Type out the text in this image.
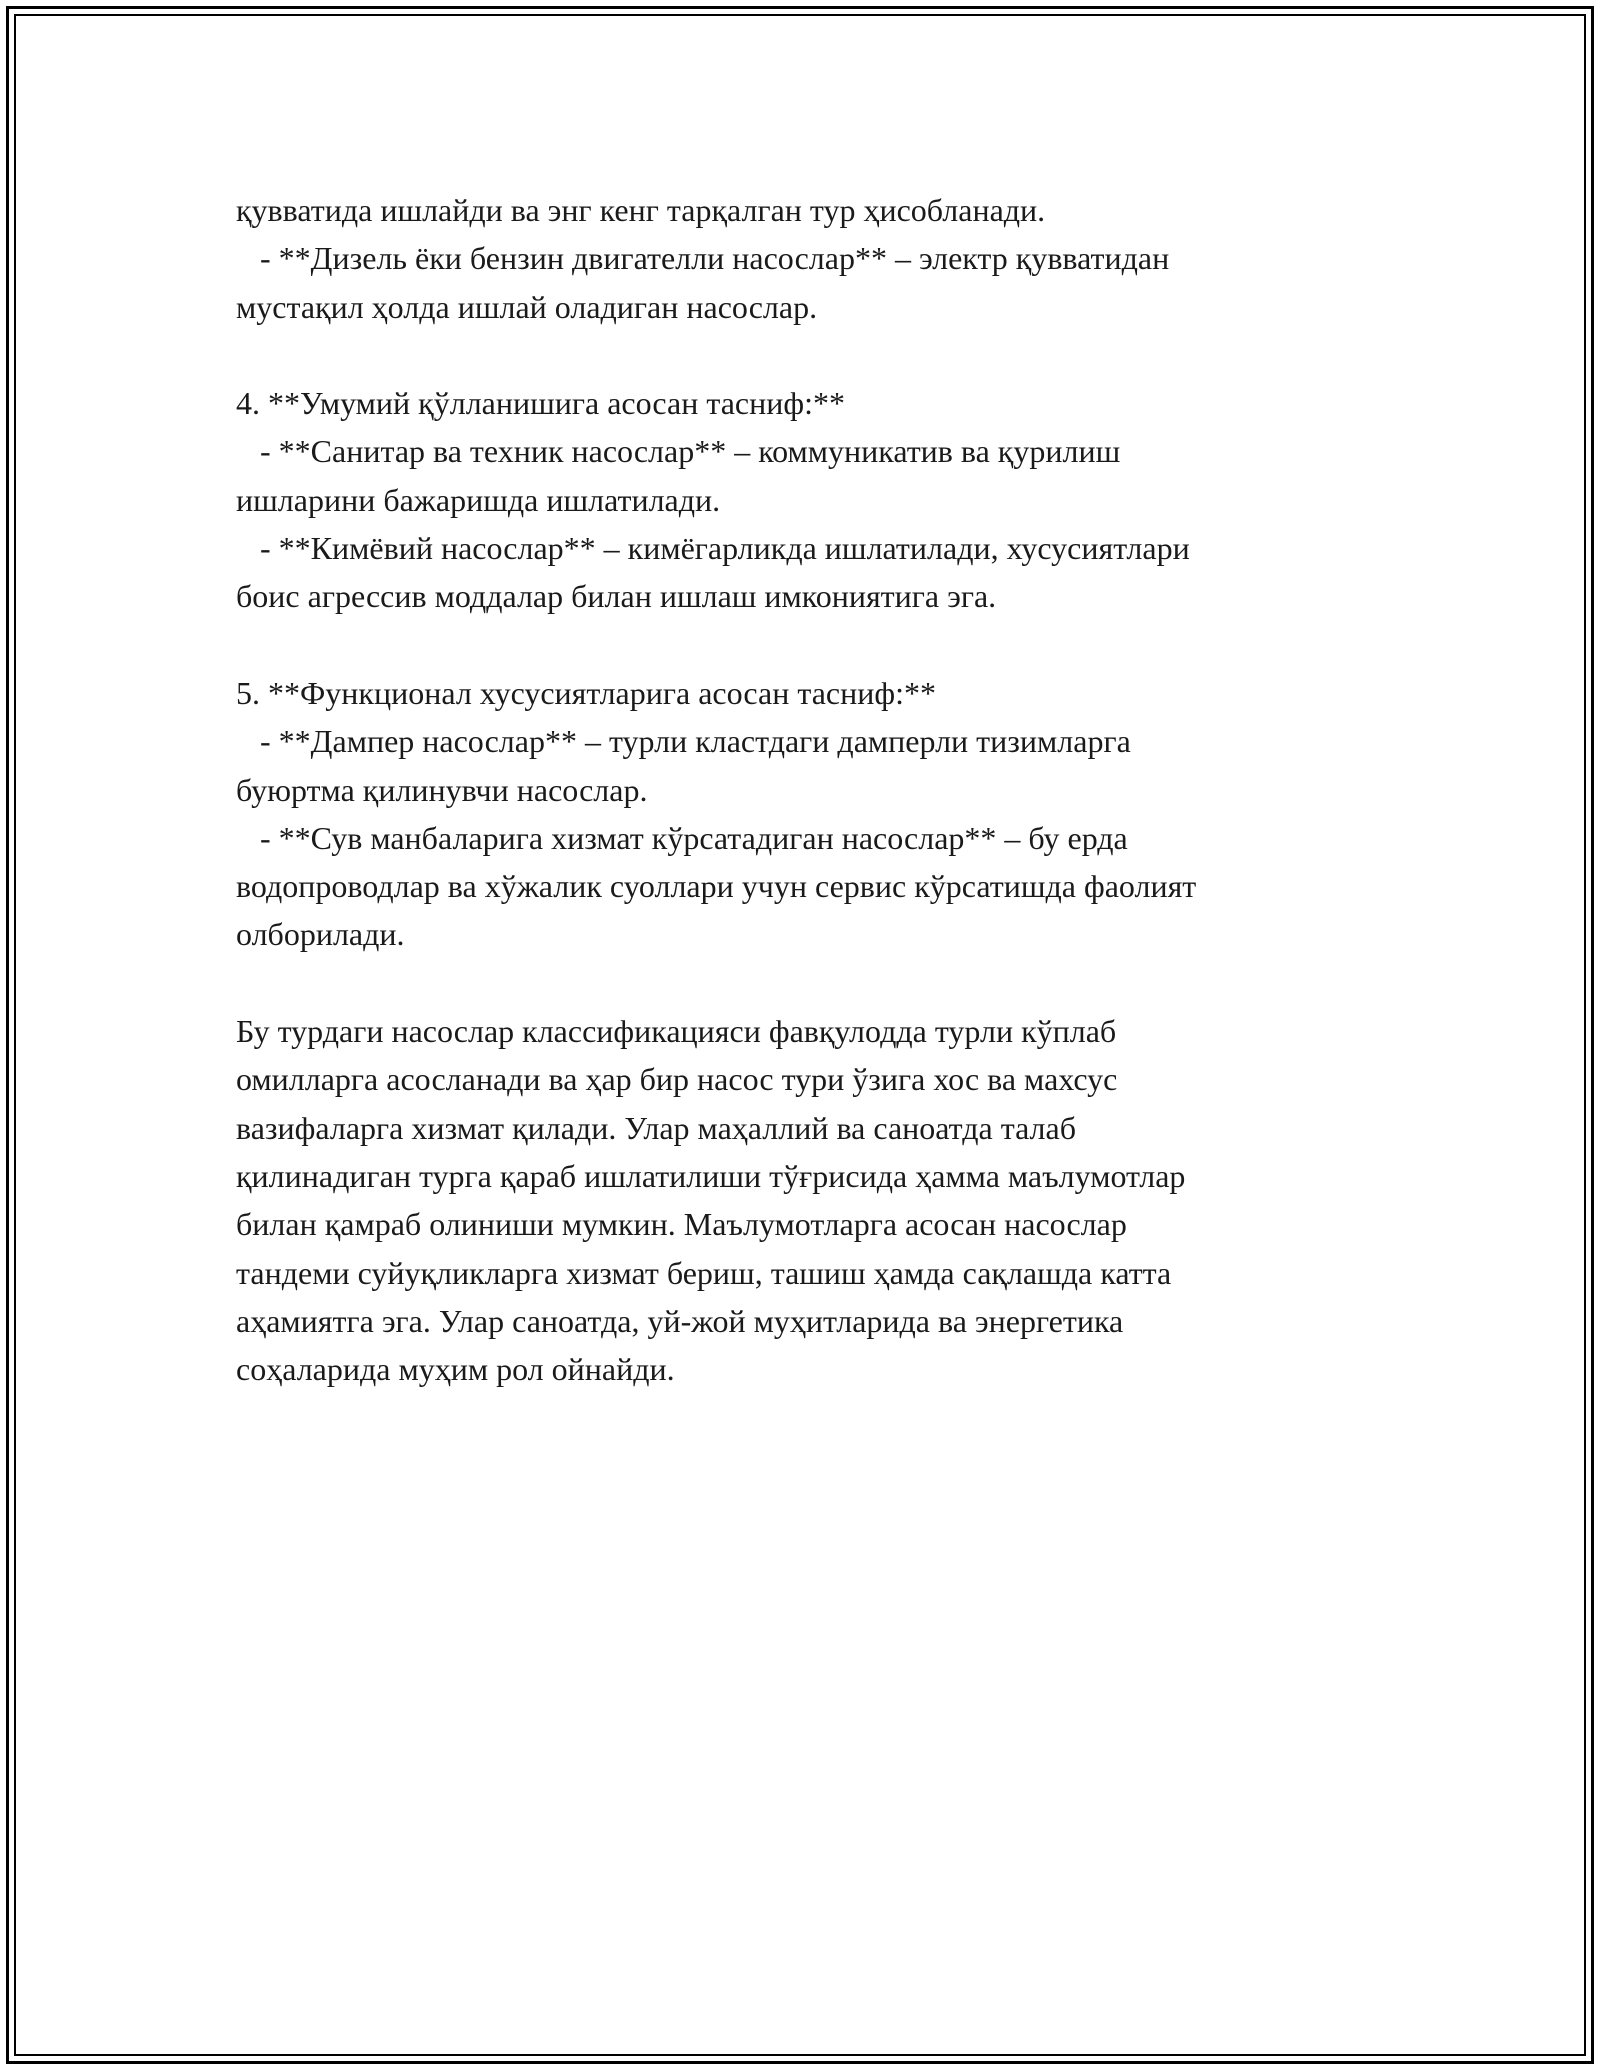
қувватида ишлайди ва энг кенг тарқалган тур ҳисобланади.
- **Дизель ёки бензин двигателли насослар** – электр қувватидан
мустақил ҳолда ишлай оладиган насослар.
4. **Умумий қўлланишига асосан тасниф:**
- **Санитар ва техник насослар** – коммуникатив ва қурилиш
ишларини бажаришда ишлатилади.
- **Кимёвий насослар** – кимёгарликда ишлатилади, хусусиятлари
боис агрессив моддалар билан ишлаш имкониятига эга.
5. **Функционал хусусиятларига асосан тасниф:**
- **Дампер насослар** – турли кластдаги дамперли тизимларга
буюртма қилинувчи насослар.
- **Сув манбаларига хизмат кўрсатадиган насослар** – бу ерда
водопроводлар ва хўжалик суоллари учун сервис кўрсатишда фаолият
олборилади.
Бу турдаги насослар классификацияси фавқулодда турли кўплаб
омилларга асосланади ва ҳар бир насос тури ўзига хос ва махсус
вазифаларга хизмат қилади. Улар маҳаллий ва саноатда талаб
қилинадиган турга қараб ишлатилиши тўғрисида ҳамма маълумотлар
билан қамраб олиниши мумкин. Маълумотларга асосан насослар
тандеми суйуқликларга хизмат бериш, ташиш ҳамда сақлашда катта
аҳамиятга эга. Улар саноатда, уй-жой муҳитларида ва энергетика
соҳаларида муҳим рол ойнайди.
